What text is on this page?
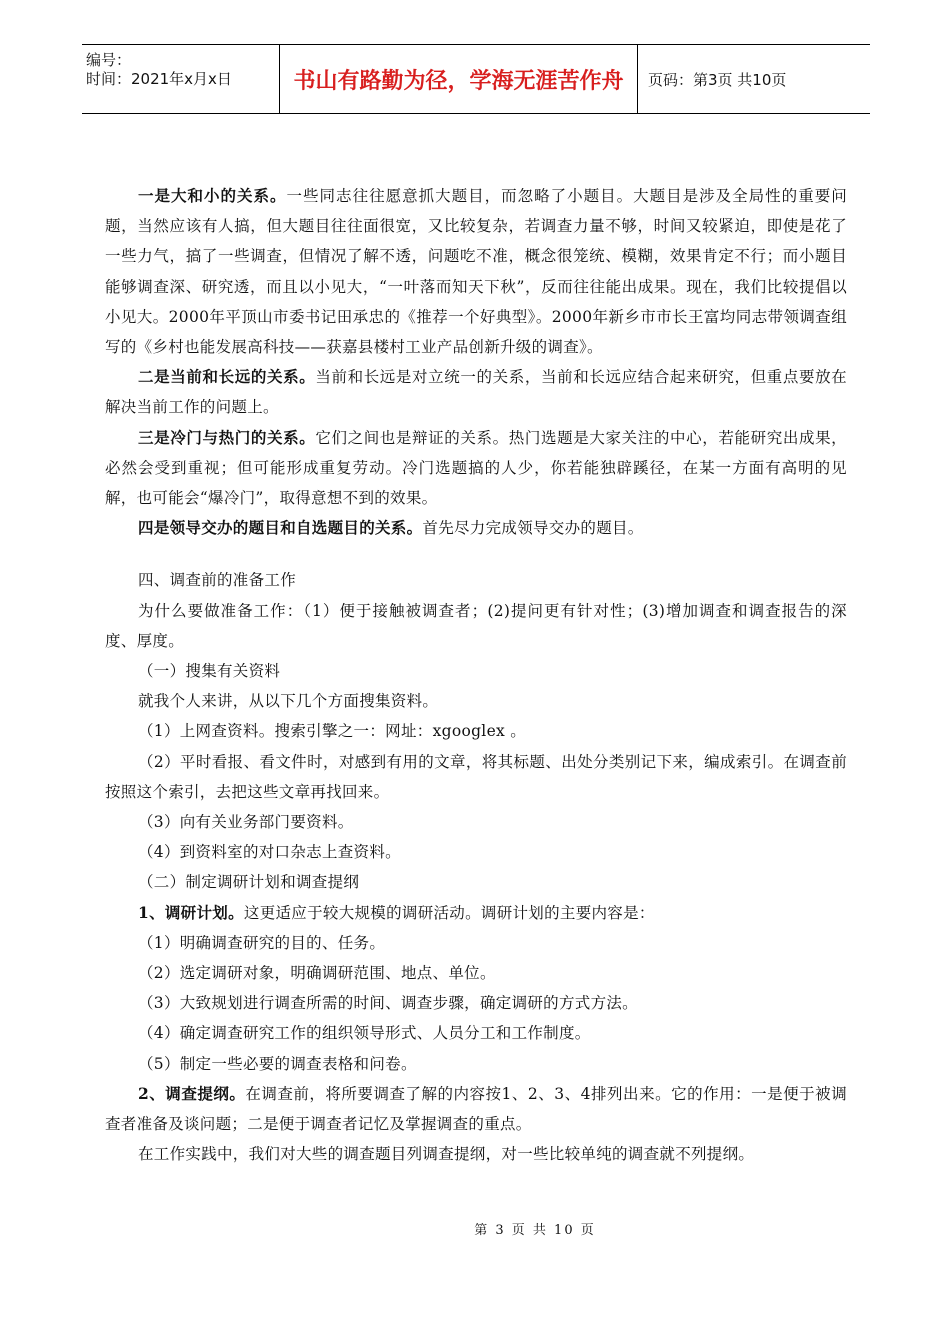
编号：
时间：2021年x月x日	书山有路勤为径，学海无涯苦作舟	页码：第3页 共10页

一是大和小的关系。一些同志往往愿意抓大题目，而忽略了小题目。大题目是涉及全局性的重要问题，当然应该有人搞，但大题目往往面很宽，又比较复杂，若调查力量不够，时间又较紧迫，即使是花了一些力气，搞了一些调查，但情况了解不透，问题吃不准，概念很笼统、模糊，效果肯定不行；而小题目能够调查深、研究透，而且以小见大，“一叶落而知天下秋”，反而往往能出成果。现在，我们比较提倡以小见大。2000年平顶山市委书记田承忠的《推荐一个好典型》。2000年新乡市市长王富均同志带领调查组写的《乡村也能发展高科技——获嘉县楼村工业产品创新升级的调查》。

二是当前和长远的关系。当前和长远是对立统一的关系，当前和长远应结合起来研究，但重点要放在解决当前工作的问题上。

三是冷门与热门的关系。它们之间也是辩证的关系。热门选题是大家关注的中心，若能研究出成果，必然会受到重视；但可能形成重复劳动。冷门选题搞的人少，你若能独辟蹊径，在某一方面有高明的见解，也可能会“爆冷门”，取得意想不到的效果。

四是领导交办的题目和自选题目的关系。首先尽力完成领导交办的题目。

四、调查前的准备工作

为什么要做准备工作：（1）便于接触被调查者；(2)提问更有针对性；(3)增加调查和调查报告的深度、厚度。

（一）搜集有关资料

就我个人来讲，从以下几个方面搜集资料。

（1）上网查资料。搜索引擎之一：网址：xgooglex 。

（2）平时看报、看文件时，对感到有用的文章，将其标题、出处分类别记下来，编成索引。在调查前按照这个索引，去把这些文章再找回来。

（3）向有关业务部门要资料。

（4）到资料室的对口杂志上查资料。

（二）制定调研计划和调查提纲

1、调研计划。这更适应于较大规模的调研活动。调研计划的主要内容是：

（1）明确调查研究的目的、任务。

（2）选定调研对象，明确调研范围、地点、单位。

（3）大致规划进行调查所需的时间、调查步骤，确定调研的方式方法。

（4）确定调查研究工作的组织领导形式、人员分工和工作制度。

（5）制定一些必要的调查表格和问卷。

2、调查提纲。在调查前，将所要调查了解的内容按1、2、3、4排列出来。它的作用：一是便于被调查者准备及谈问题；二是便于调查者记忆及掌握调查的重点。

在工作实践中，我们对大些的调查题目列调查提纲，对一些比较单纯的调查就不列提纲。

第 3 页 共 10 页
